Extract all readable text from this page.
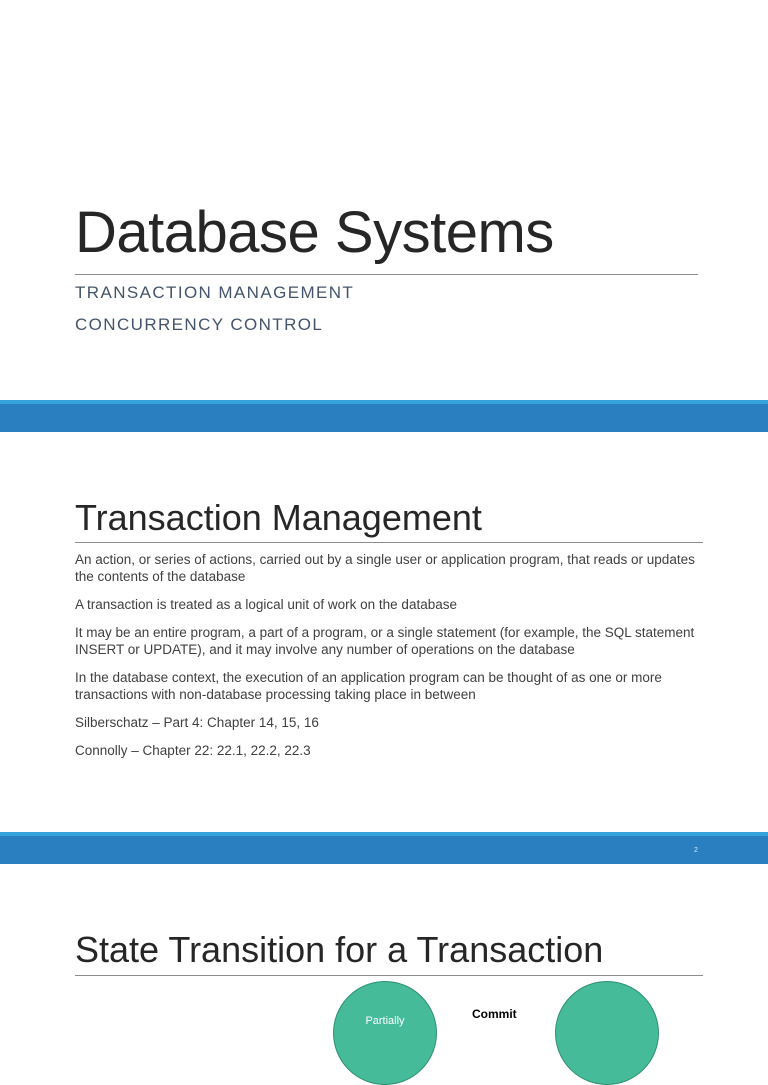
Database Systems
TRANSACTION MANAGEMENT
CONCURRENCY CONTROL
Transaction Management

An action, or series of actions, carried out by a single user or application program, that reads or updates the contents of the database

A transaction is treated as a logical unit of work on the database

It may be an entire program, a part of a program, or a single statement (for example, the SQL statement INSERT or UPDATE), and it may involve any number of operations on the database

In the database context, the execution of an application program can be thought of as one or more transactions with non-database processing taking place in between

Silberschatz – Part 4: Chapter 14, 15, 16

Connolly – Chapter 22: 22.1, 22.2, 22.3

2
State Transition for a Transaction
Partially	Commit
